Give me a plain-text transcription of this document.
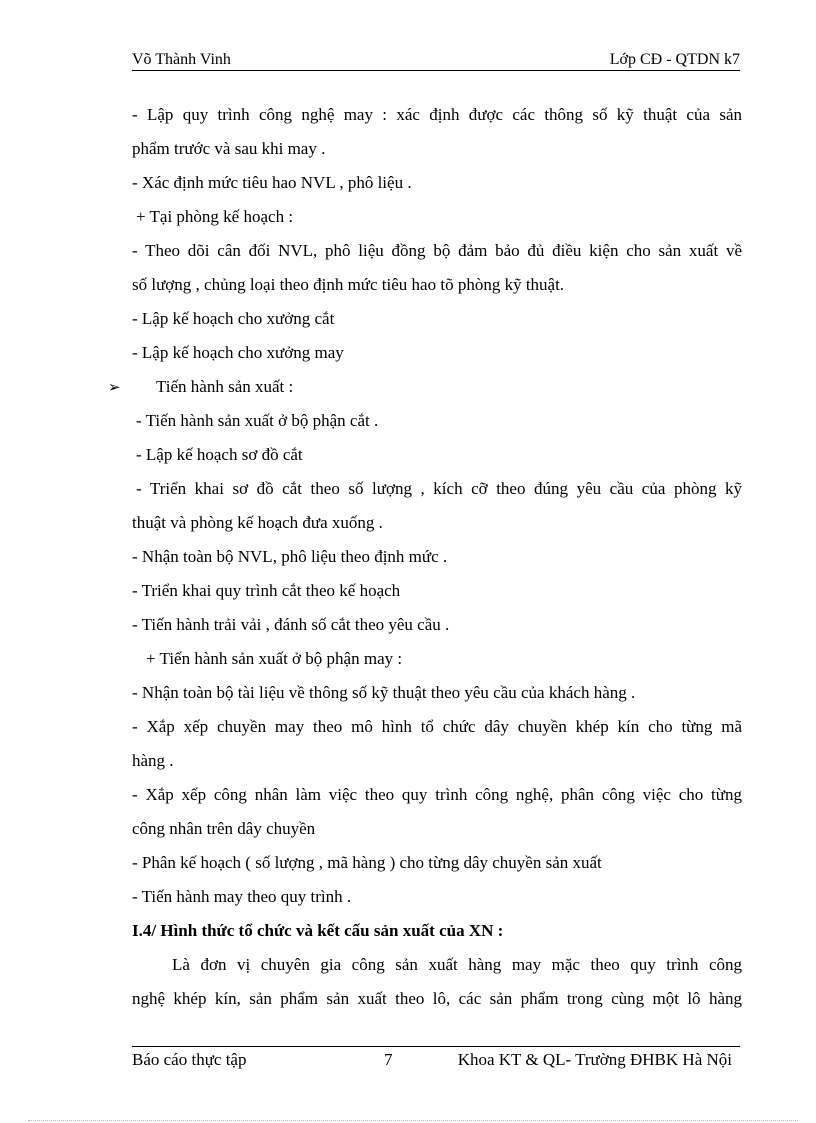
Võ Thành Vinh	Lớp CĐ - QTDN k7
- Lập quy trình công nghệ may : xác định được các thông số kỹ thuật của sản
phẩm trước và sau khi may .
- Xác định mức tiêu hao NVL , phô liệu .
+ Tại phòng kế hoạch :
- Theo dõi cân đối NVL, phô liệu đồng bộ đảm bảo đủ điều kiện cho sản xuất về
số lượng , chủng loại theo định mức tiêu hao tõ phòng kỹ thuật.
- Lập kế hoạch cho xưởng cắt
- Lập kế hoạch cho xưởng may
➢ Tiến hành sản xuất :
- Tiến hành sản xuất ở bộ phận cắt .
- Lập kế hoạch sơ đồ cắt
- Triển khai sơ đồ cắt theo số lượng , kích cỡ theo đúng yêu cầu của phòng kỹ
thuật và phòng kế hoạch đưa xuống .
- Nhận toàn bộ NVL, phô liệu theo định mức .
- Triển khai quy trình cắt theo kế hoạch
- Tiến hành trải vải , đánh số cắt theo yêu cầu .
+ Tiến hành sản xuất ở bộ phận may :
- Nhận toàn bộ tài liệu về thông số kỹ thuật theo yêu cầu của khách hàng .
- Xắp xếp chuyền may theo mô hình tổ chức dây chuyền khép kín cho từng mã
hàng .
- Xắp xếp công nhân làm việc theo quy trình công nghệ, phân công việc cho từng
công nhân trên dây chuyền
- Phân kế hoạch ( số lượng , mã hàng ) cho từng dây chuyền sản xuất
- Tiến hành may theo quy trình .
I.4/ Hình thức tổ chức và kết cấu sản xuất của XN :
Là đơn vị chuyên gia công sản xuất hàng may mặc theo quy trình công
nghệ khép kín, sản phẩm sản xuất theo lô, các sản phẩm trong cùng một lô hàng
Báo cáo thực tập	7	Khoa KT & QL- Trường ĐHBK Hà Nội
